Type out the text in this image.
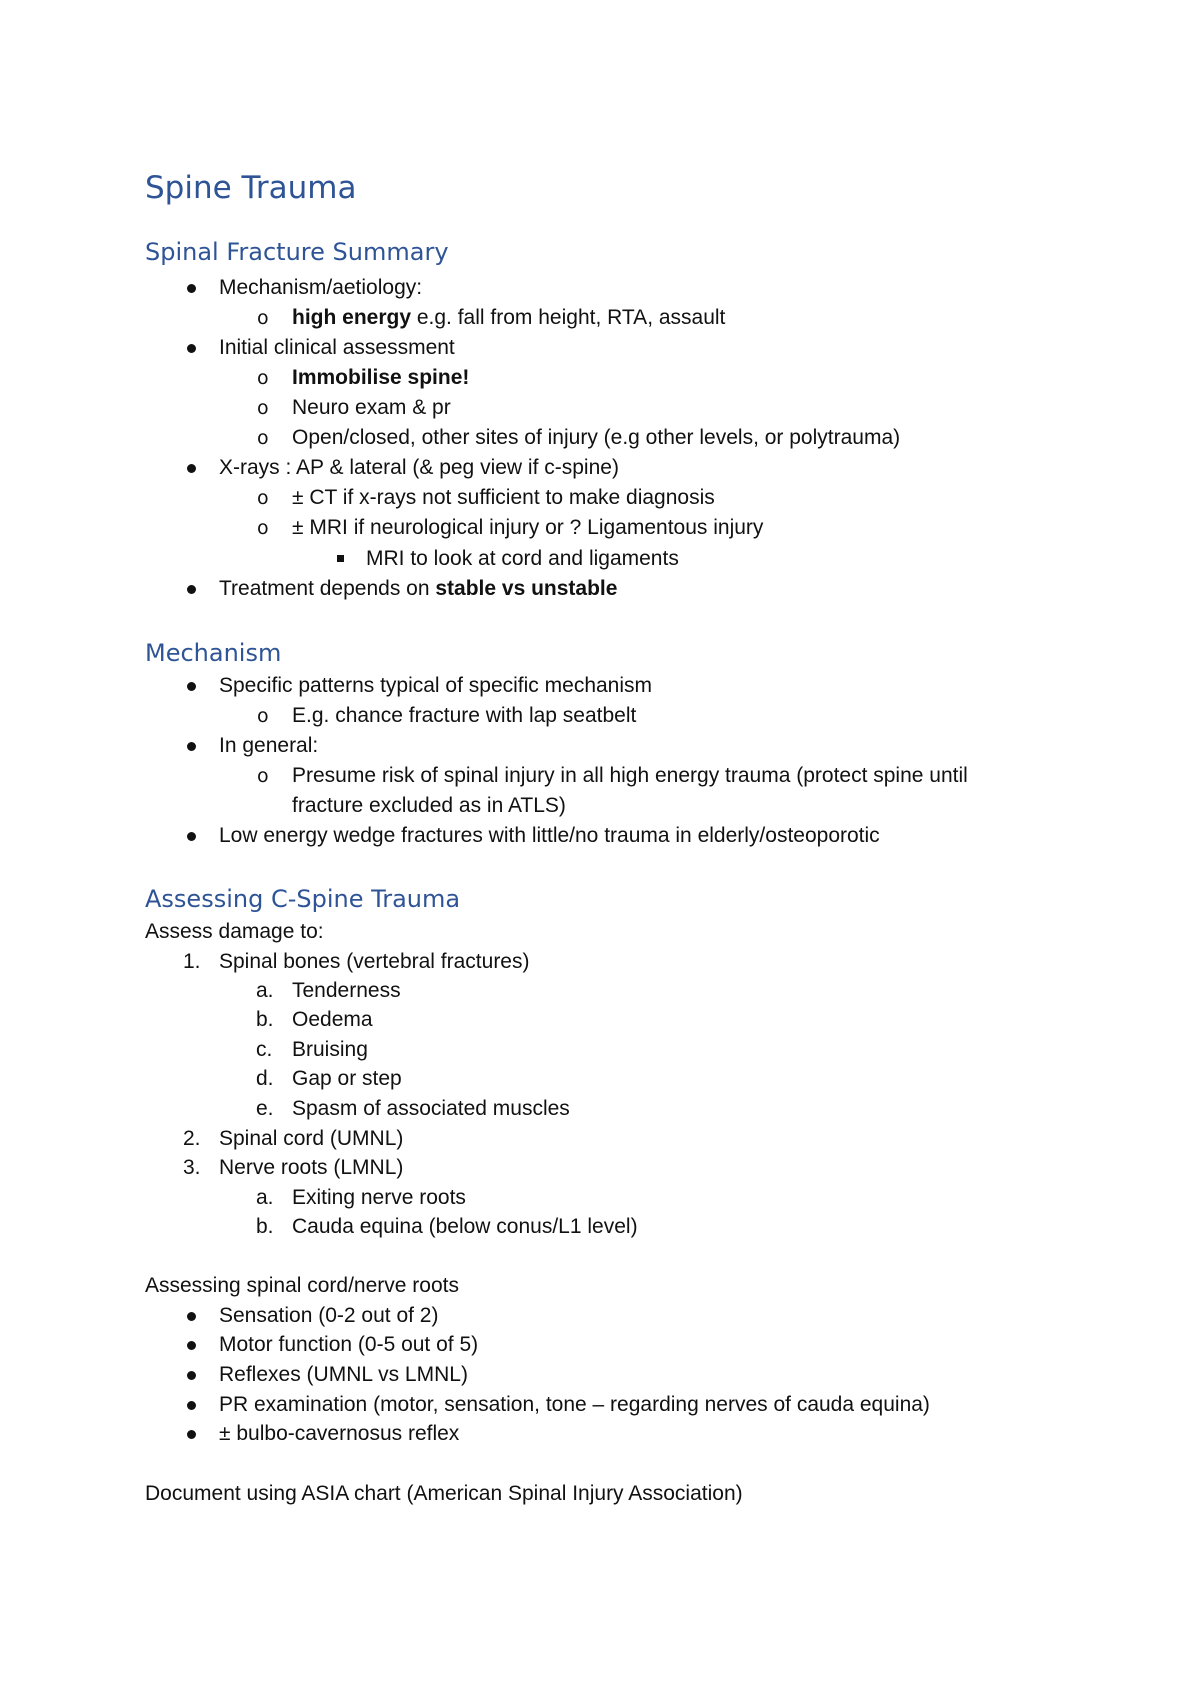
Spine Trauma
Spinal Fracture Summary
Mechanism/aetiology:
o high energy e.g. fall from height, RTA, assault
Initial clinical assessment
o Immobilise spine!
o Neuro exam & pr
o Open/closed, other sites of injury (e.g other levels, or polytrauma)
X-rays : AP & lateral (& peg view if c-spine)
o ± CT if x-rays not sufficient to make diagnosis
o ± MRI if neurological injury or ? Ligamentous injury
MRI to look at cord and ligaments
Treatment depends on stable vs unstable
Mechanism
Specific patterns typical of specific mechanism
o E.g. chance fracture with lap seatbelt
In general:
o Presume risk of spinal injury in all high energy trauma (protect spine until
fracture excluded as in ATLS)
Low energy wedge fractures with little/no trauma in elderly/osteoporotic
Assessing C-Spine Trauma
Assess damage to:
1. Spinal bones (vertebral fractures)
a. Tenderness
b. Oedema
c. Bruising
d. Gap or step
e. Spasm of associated muscles
2. Spinal cord (UMNL)
3. Nerve roots (LMNL)
a. Exiting nerve roots
b. Cauda equina (below conus/L1 level)
Assessing spinal cord/nerve roots
Sensation (0-2 out of 2)
Motor function (0-5 out of 5)
Reflexes (UMNL vs LMNL)
PR examination (motor, sensation, tone – regarding nerves of cauda equina)
± bulbo-cavernosus reflex
Document using ASIA chart (American Spinal Injury Association)
